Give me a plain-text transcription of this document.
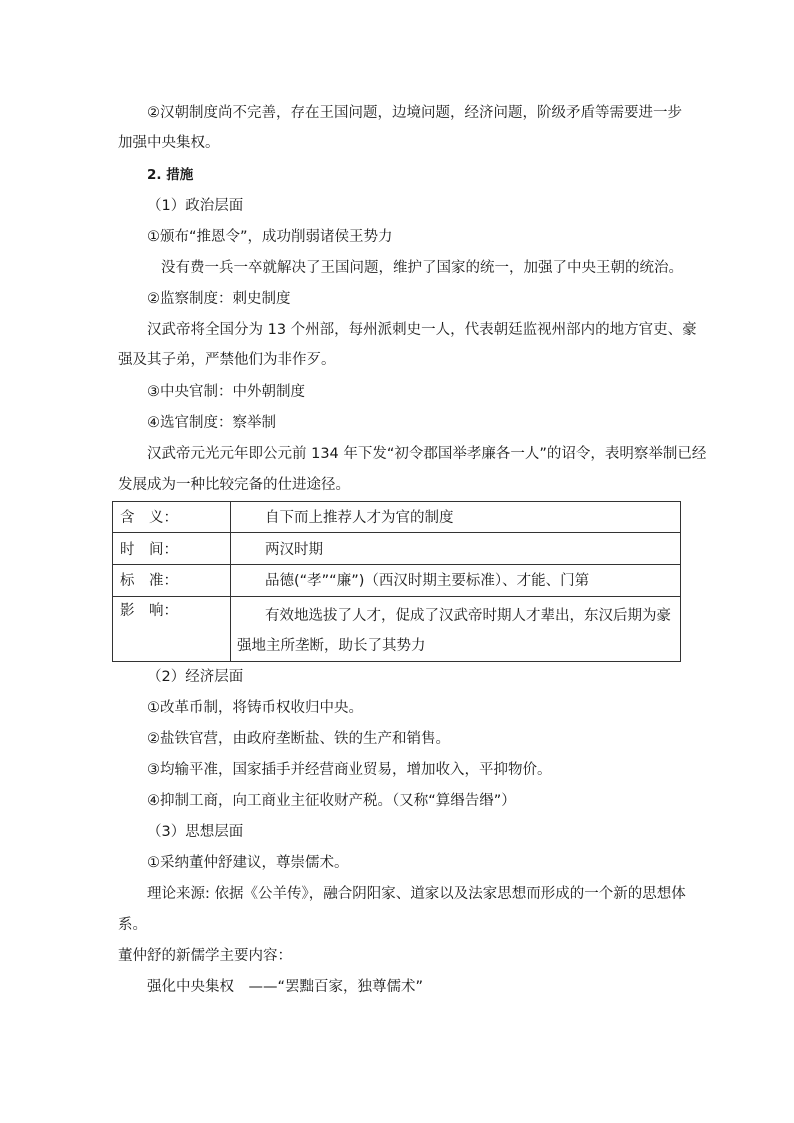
②汉朝制度尚不完善，存在王国问题，边境问题，经济问题，阶级矛盾等需要进一步
加强中央集权。
2. 措施
（1）政治层面
①颁布“推恩令”，成功削弱诸侯王势力
没有费一兵一卒就解决了王国问题，维护了国家的统一，加强了中央王朝的统治。
②监察制度：刺史制度
汉武帝将全国分为 13 个州部，每州派刺史一人，代表朝廷监视州部内的地方官吏、豪
强及其子弟，严禁他们为非作歹。
③中央官制：中外朝制度
④选官制度：察举制
汉武帝元光元年即公元前 134 年下发“初令郡国举孝廉各一人”的诏令，表明察举制已经
发展成为一种比较完备的仕进途径。
含　义：	自下而上推荐人才为官的制度
时　间：	两汉时期
标　准：	品德(“孝”“廉”)（西汉时期主要标准）、才能、门第
影　响：	有效地选拔了人才，促成了汉武帝时期人才辈出，东汉后期为豪强地主所垄断，助长了其势力
（2）经济层面
①改革币制，将铸币权收归中央。
②盐铁官营，由政府垄断盐、铁的生产和销售。
③均输平准，国家插手并经营商业贸易，增加收入，平抑物价。
④抑制工商，向工商业主征收财产税。（又称“算缗告缗”）
（3）思想层面
①采纳董仲舒建议，尊崇儒术。
理论来源: 依据《公羊传》，融合阴阳家、道家以及法家思想而形成的一个新的思想体
系。
董仲舒的新儒学主要内容：
强化中央集权　——“罢黜百家，独尊儒术”
